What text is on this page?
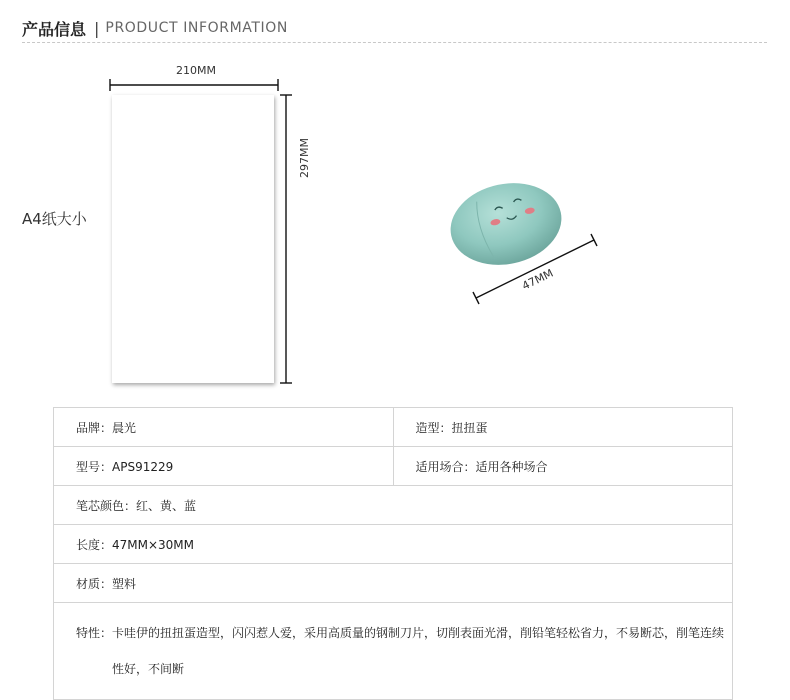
产品信息 | PRODUCT INFORMATION
210MM
297MM
A4纸大小
47MM
品牌：晨光	造型：扭扭蛋
型号：APS91229	适用场合：适用各种场合
笔芯颜色：红、黄、蓝	
长度：47MM×30MM	
材质：塑料	

特性： 卡哇伊的扭扭蛋造型，闪闪惹人爱，采用高质量的钢制刀片，切削表面光滑，削铅笔轻松省力，不易断芯，削笔连续性好，不间断	
